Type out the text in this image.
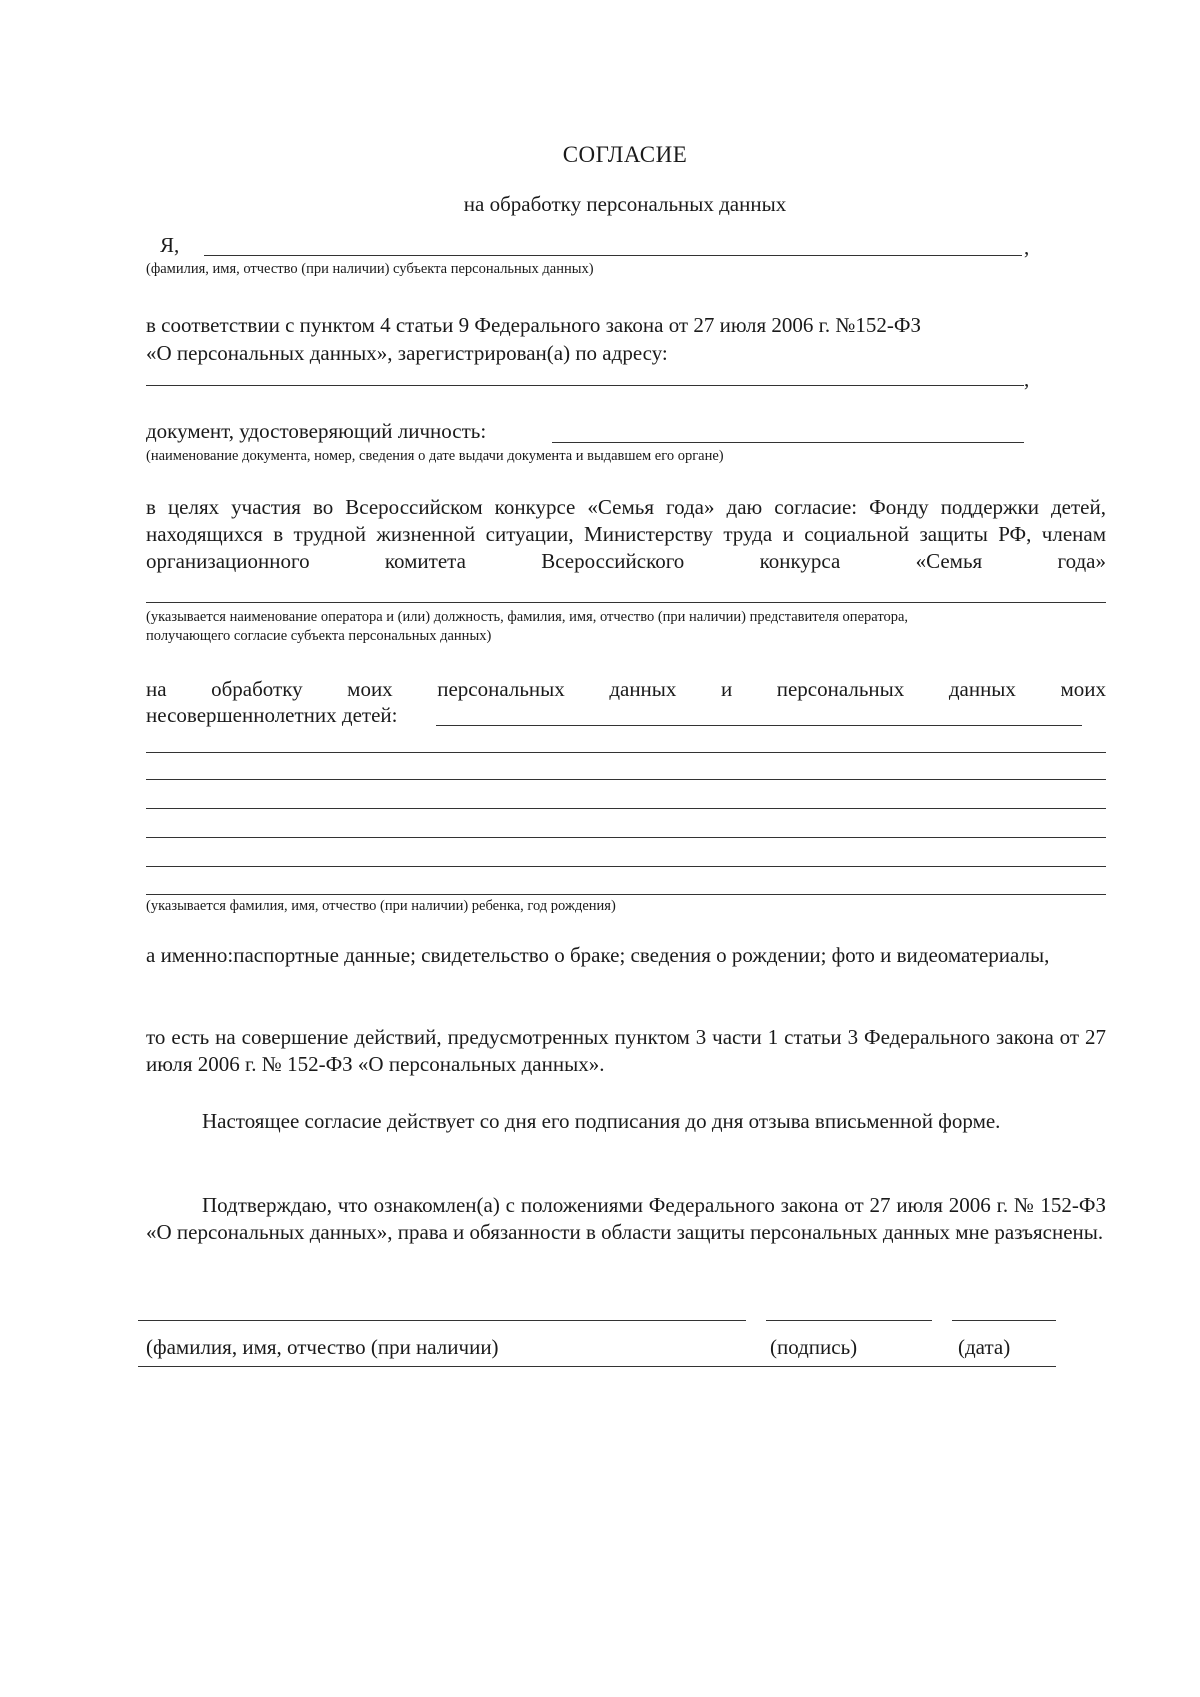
СОГЛАСИЕ
на обработку персональных данных
Я,	,
(фамилия, имя, отчество (при наличии) субъекта персональных данных)
в соответствии с пунктом 4 статьи 9 Федерального закона от 27 июля 2006 г. №152-ФЗ
«О персональных данных», зарегистрирован(а) по адресу:
,
документ, удостоверяющий личность:
(наименование документа, номер, сведения о дате выдачи документа и выдавшем его органе)
в целях участия во Всероссийском конкурсе «Семья года» даю согласие: Фонду поддержки детей, находящихся в трудной жизненной ситуации, Министерству труда и социальной защиты РФ, членам организационного комитета Всероссийского конкурса «Семья года»
(указывается наименование оператора и (или) должность, фамилия, имя, отчество (при наличии) представителя оператора,
получающего согласие субъекта персональных данных)
на обработку моих персональных данных и персональных данных моих
несовершеннолетних детей:
(указывается фамилия, имя, отчество (при наличии) ребенка, год рождения)
а именно:паспортные данные; свидетельство о браке; сведения о рождении; фото и видеоматериалы,
то есть на совершение действий, предусмотренных пунктом 3 части 1 статьи 3 Федерального закона от 27 июля 2006 г. № 152-ФЗ «О персональных данных».
Настоящее согласие действует со дня его подписания до дня отзыва вписьменной форме.
Подтверждаю, что ознакомлен(а) с положениями Федерального закона от 27 июля 2006 г. № 152-ФЗ «О персональных данных», права и обязанности в области защиты персональных данных мне разъяснены.
(фамилия, имя, отчество (при наличии)	(подпись)	(дата)
